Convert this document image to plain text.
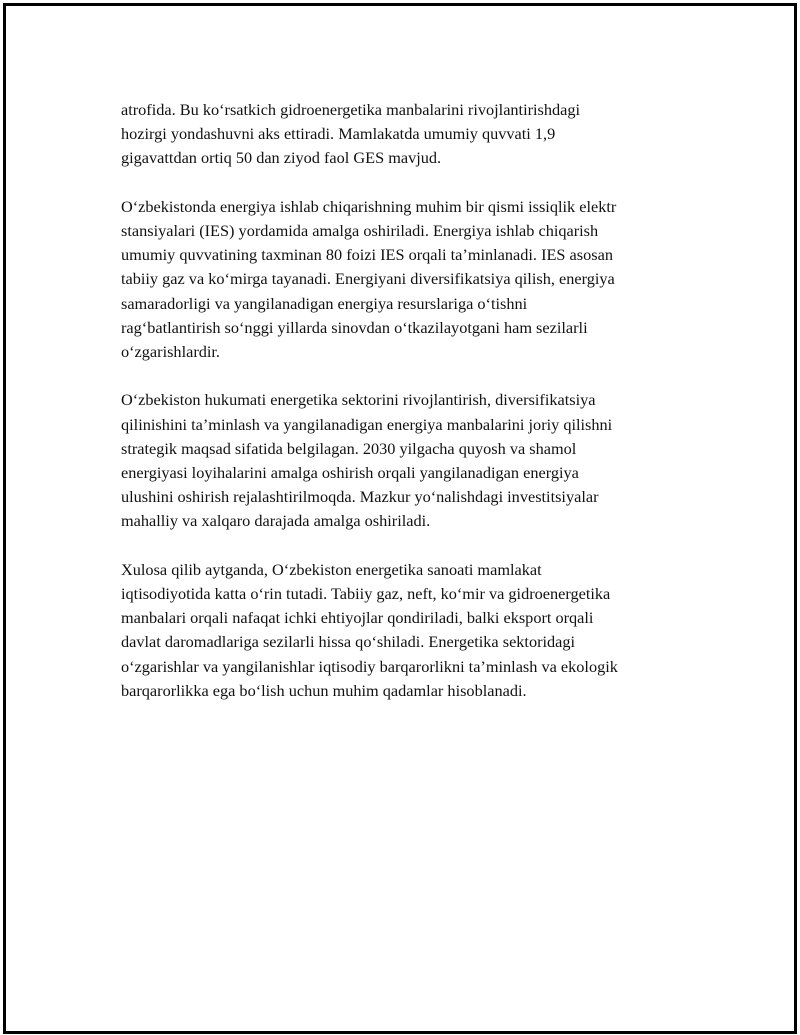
atrofida. Bu koʻrsatkich gidroenergetika manbalarini rivojlantirishdagi
hozirgi yondashuvni aks ettiradi. Mamlakatda umumiy quvvati 1,9
gigavattdan ortiq 50 dan ziyod faol GES mavjud.

Oʻzbekistonda energiya ishlab chiqarishning muhim bir qismi issiqlik elektr
stansiyalari (IES) yordamida amalga oshiriladi. Energiya ishlab chiqarish
umumiy quvvatining taxminan 80 foizi IES orqali taʼminlanadi. IES asosan
tabiiy gaz va koʻmirga tayanadi. Energiyani diversifikatsiya qilish, energiya
samaradorligi va yangilanadigan energiya resurslariga oʻtishni
ragʻbatlantirish soʻnggi yillarda sinovdan oʻtkazilayotgani ham sezilarli
oʻzgarishlardir.

Oʻzbekiston hukumati energetika sektorini rivojlantirish, diversifikatsiya
qilinishini taʼminlash va yangilanadigan energiya manbalarini joriy qilishni
strategik maqsad sifatida belgilagan. 2030 yilgacha quyosh va shamol
energiyasi loyihalarini amalga oshirish orqali yangilanadigan energiya
ulushini oshirish rejalashtirilmoqda. Mazkur yoʻnalishdagi investitsiyalar
mahalliy va xalqaro darajada amalga oshiriladi.

Xulosa qilib aytganda, Oʻzbekiston energetika sanoati mamlakat
iqtisodiyotida katta oʻrin tutadi. Tabiiy gaz, neft, koʻmir va gidroenergetika
manbalari orqali nafaqat ichki ehtiyojlar qondiriladi, balki eksport orqali
davlat daromadlariga sezilarli hissa qoʻshiladi. Energetika sektoridagi
oʻzgarishlar va yangilanishlar iqtisodiy barqarorlikni taʼminlash va ekologik
barqarorlikka ega boʻlish uchun muhim qadamlar hisoblanadi.
